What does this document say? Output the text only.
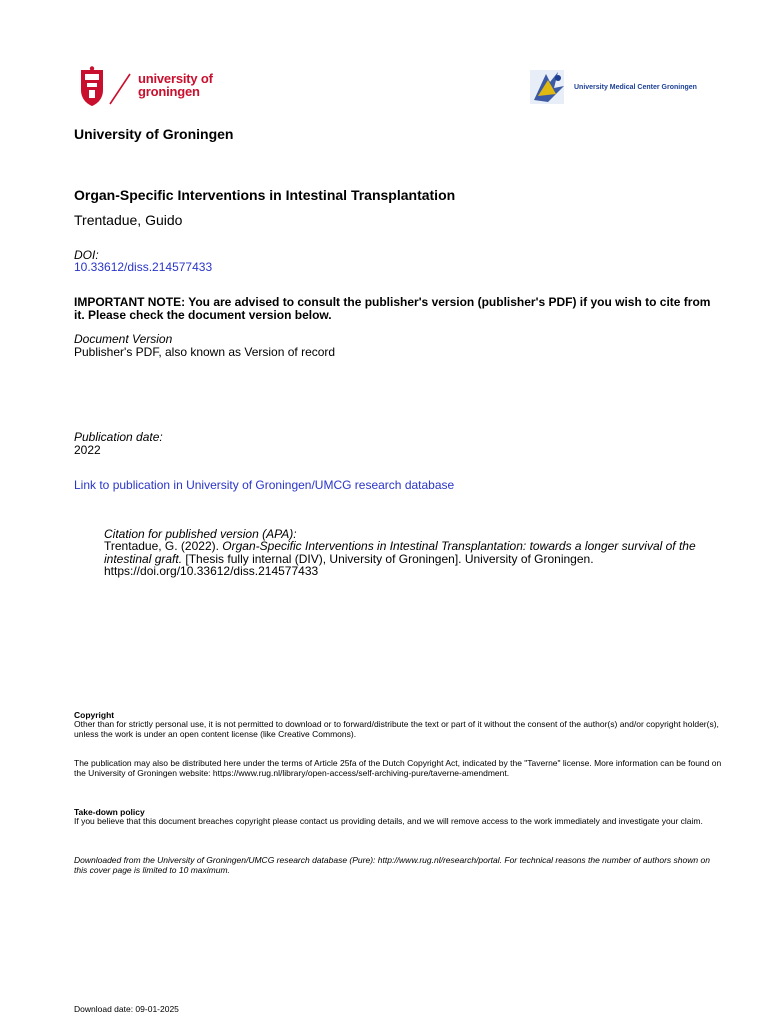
university of
groningen	University Medical Center Groningen
University of Groningen
Organ-Specific Interventions in Intestinal Transplantation
Trentadue, Guido
DOI:
10.33612/diss.214577433
IMPORTANT NOTE: You are advised to consult the publisher's version (publisher's PDF) if you wish to cite from it. Please check the document version below.
Document Version
Publisher's PDF, also known as Version of record
Publication date:
2022
Link to publication in University of Groningen/UMCG research database
Citation for published version (APA):
Trentadue, G. (2022). Organ-Specific Interventions in Intestinal Transplantation: towards a longer survival of the intestinal graft. [Thesis fully internal (DIV), University of Groningen]. University of Groningen. https://doi.org/10.33612/diss.214577433
Copyright
Other than for strictly personal use, it is not permitted to download or to forward/distribute the text or part of it without the consent of the author(s) and/or copyright holder(s), unless the work is under an open content license (like Creative Commons).
The publication may also be distributed here under the terms of Article 25fa of the Dutch Copyright Act, indicated by the "Taverne" license. More information can be found on the University of Groningen website: https://www.rug.nl/library/open-access/self-archiving-pure/taverne-amendment.
Take-down policy
If you believe that this document breaches copyright please contact us providing details, and we will remove access to the work immediately and investigate your claim.
Downloaded from the University of Groningen/UMCG research database (Pure): http://www.rug.nl/research/portal. For technical reasons the number of authors shown on this cover page is limited to 10 maximum.
Download date: 09-01-2025
